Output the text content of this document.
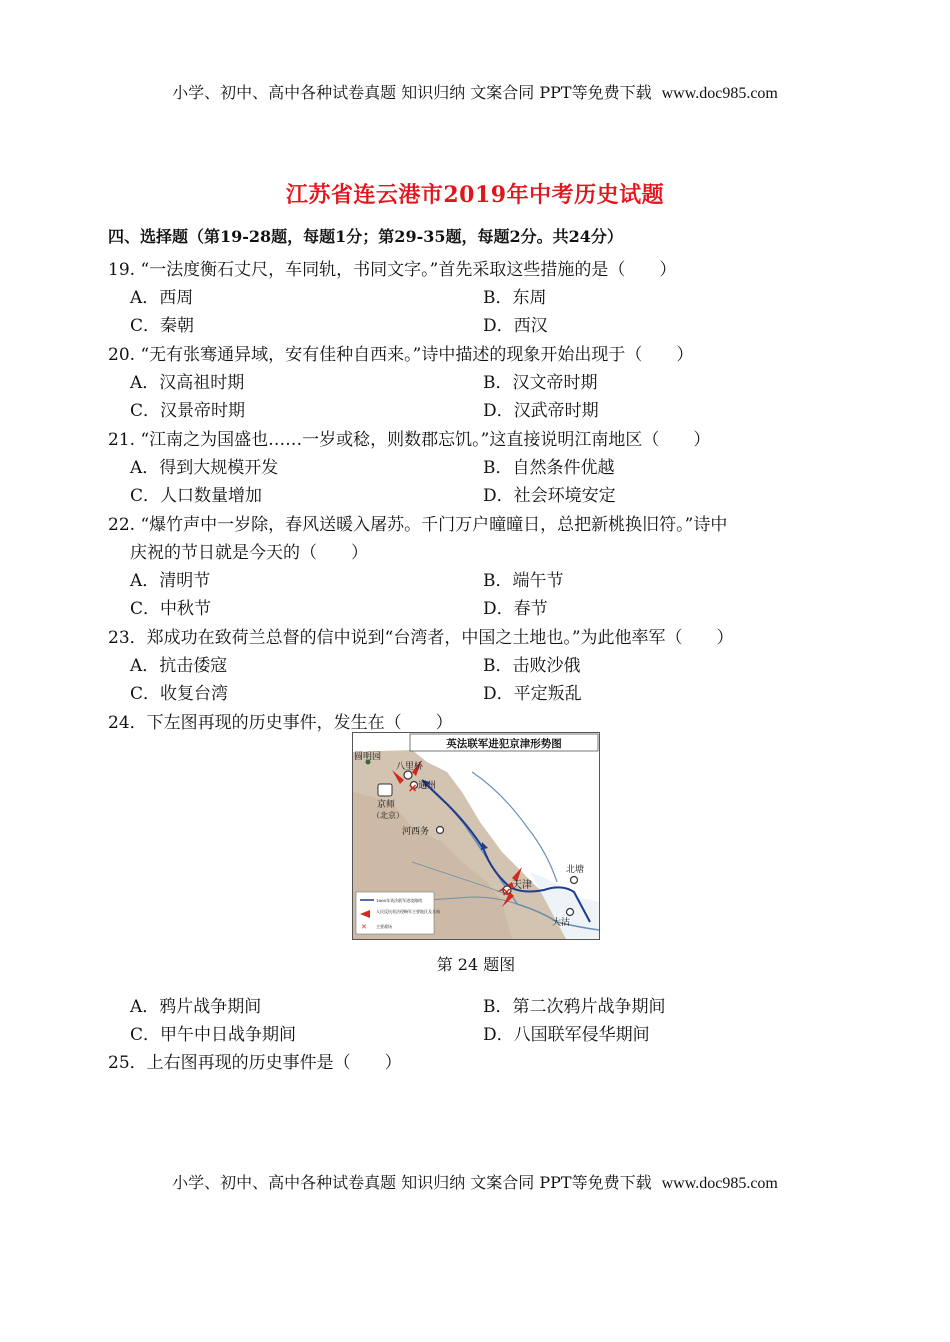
小学、初中、高中各种试卷真题 知识归纳 文案合同 PPT等免费下载 www.doc985.com
江苏省连云港市2019年中考历史试题
四、选择题（第19-28题，每题1分；第29-35题，每题2分。共24分）
19. “一法度衡石丈尺，车同轨，书同文字。”首先采取这些措施的是（　　）
A．西周	B．东周
C．秦朝	D．西汉
20. “无有张骞通异域，安有佳种自西来。”诗中描述的现象开始出现于（　　）
A．汉高祖时期	B．汉文帝时期
C．汉景帝时期	D．汉武帝时期
21. “江南之为国盛也……一岁或稔，则数郡忘饥。”这直接说明江南地区（　　）
A．得到大规模开发	B．自然条件优越
C．人口数量增加	D．社会环境安定
22. “爆竹声中一岁除，春风送暖入屠苏。千门万户曈曈日，总把新桃换旧符。”诗中
庆祝的节日就是今天的（　　）
A．清明节	B．端午节
C．中秋节	D．春节
23．郑成功在致荷兰总督的信中说到“台湾者，中国之土地也。”为此他率军（　　）
A．抗击倭寇	B．击败沙俄
C．收复台湾	D．平定叛乱
24．下左图再现的历史事件，发生在（　　）
✕
✕
圆明园
八里桥
通州
京师
（北京）
河西务
天津
北塘
大沽
英法联军进犯京津形势图
1860年英法联军进攻路线
人民反抗英法侵略军主要地区及方向
✕ 主要战场
第 24 题图
A．鸦片战争期间	B．第二次鸦片战争期间
C．甲午中日战争期间	D．八国联军侵华期间
25．上右图再现的历史事件是（　　）
小学、初中、高中各种试卷真题 知识归纳 文案合同 PPT等免费下载 www.doc985.com
